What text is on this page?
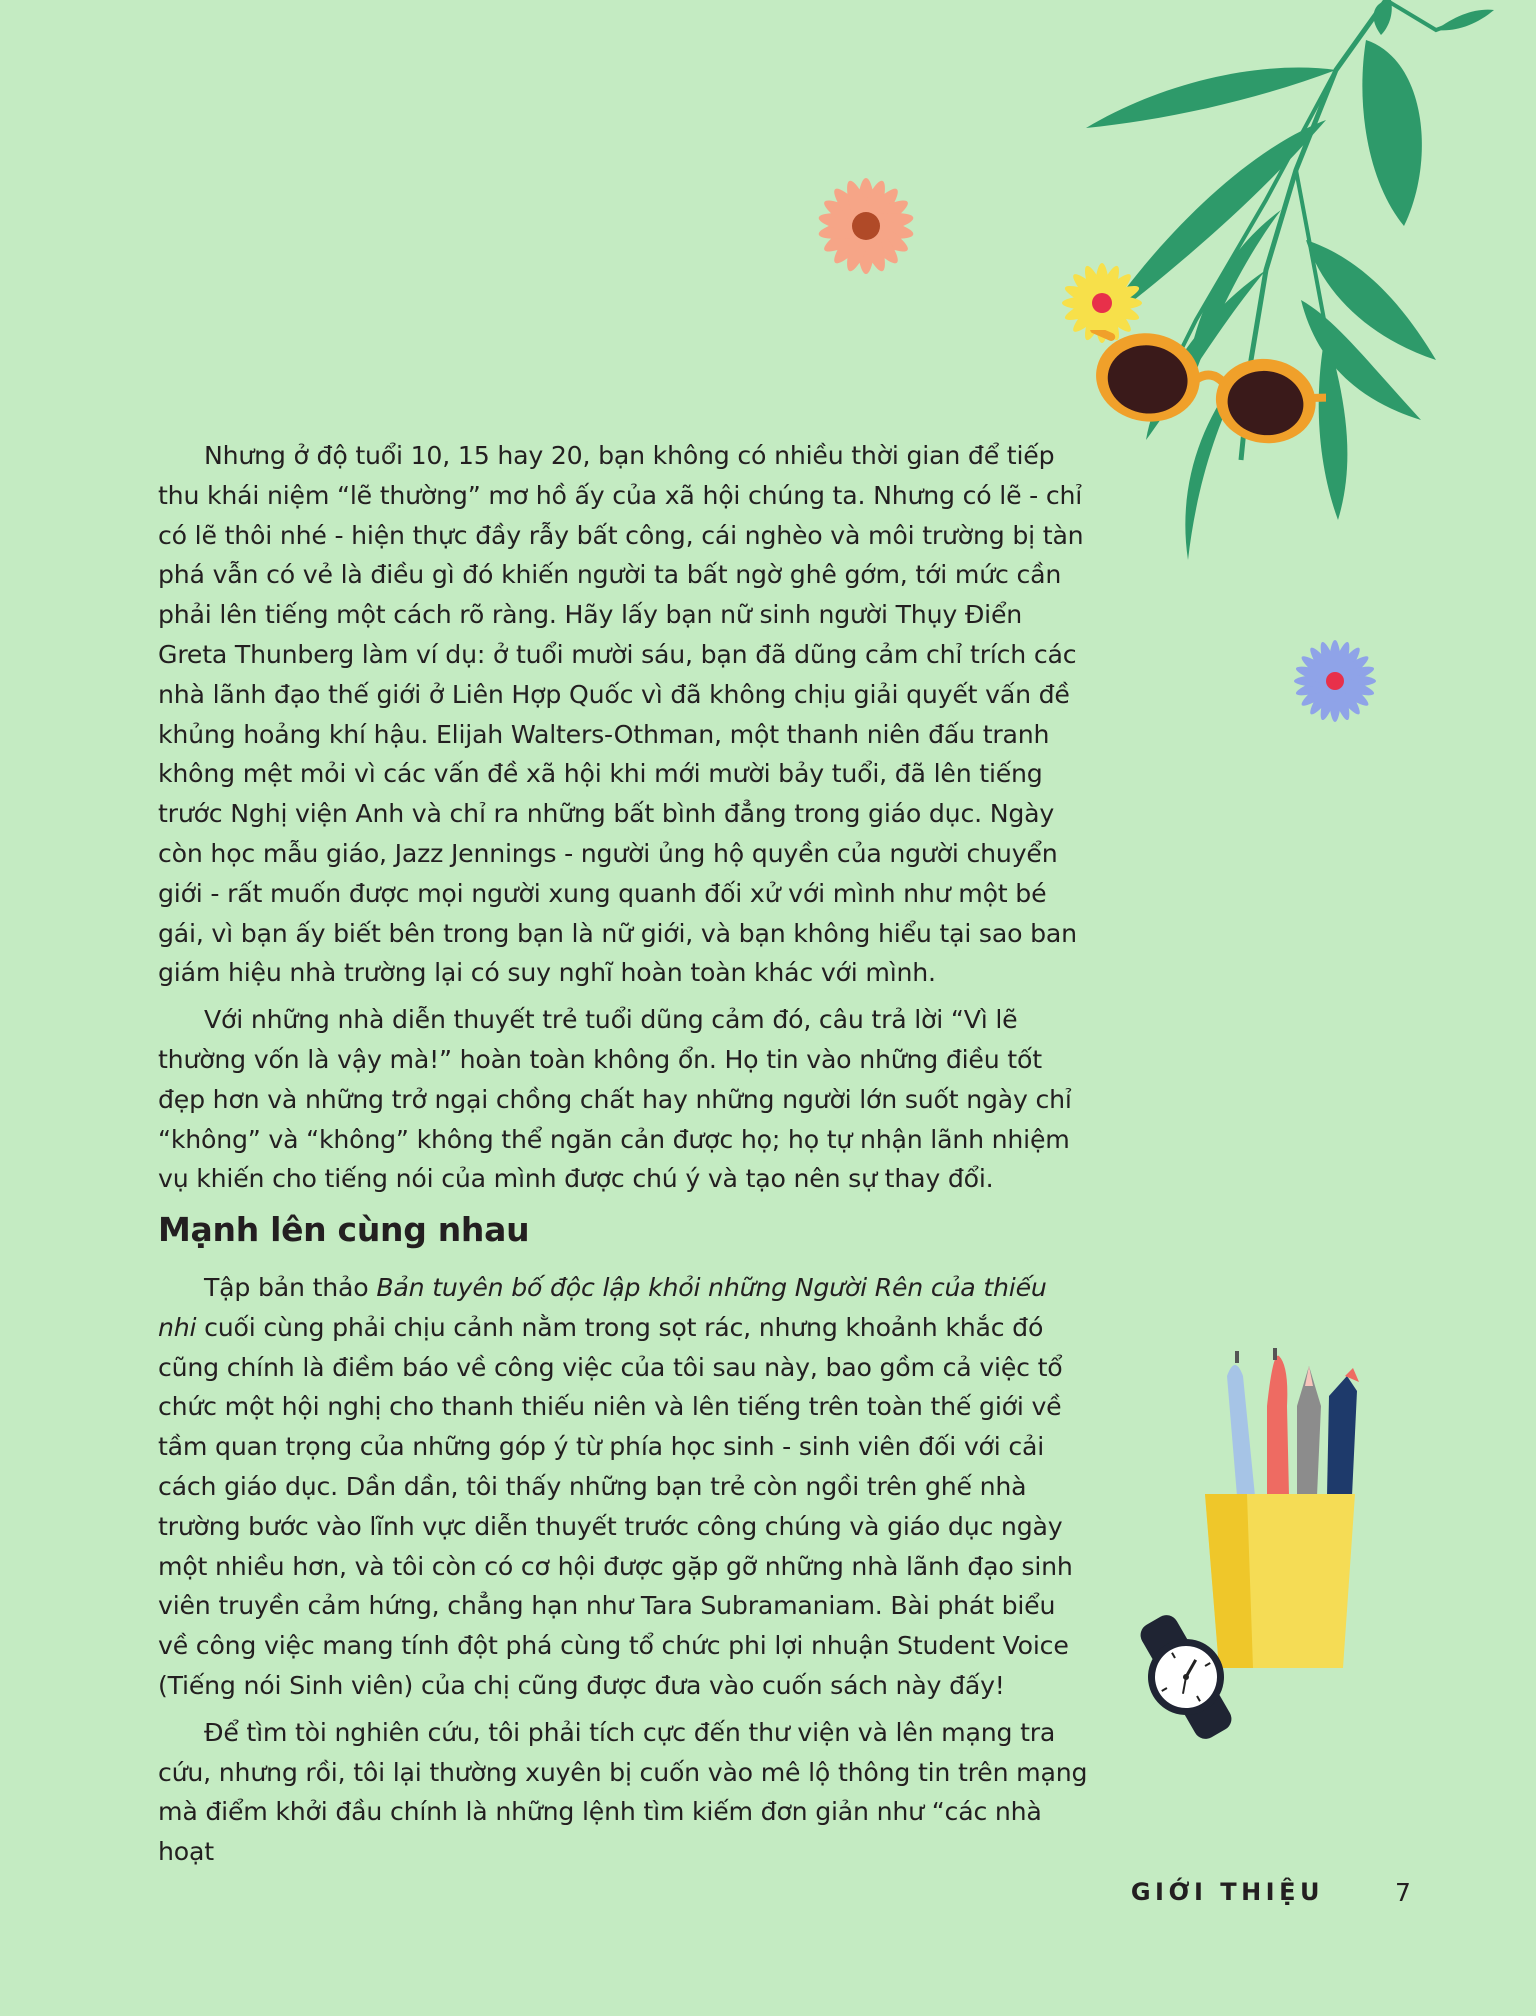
Nhưng ở độ tuổi 10, 15 hay 20, bạn không có nhiều thời gian để tiếp thu khái niệm “lẽ thường” mơ hồ ấy của xã hội chúng ta. Nhưng có lẽ - chỉ có lẽ thôi nhé - hiện thực đầy rẫy bất công, cái nghèo và môi trường bị tàn phá vẫn có vẻ là điều gì đó khiến người ta bất ngờ ghê gớm, tới mức cần phải lên tiếng một cách rõ ràng. Hãy lấy bạn nữ sinh người Thụy Điển Greta Thunberg làm ví dụ: ở tuổi mười sáu, bạn đã dũng cảm chỉ trích các nhà lãnh đạo thế giới ở Liên Hợp Quốc vì đã không chịu giải quyết vấn đề khủng hoảng khí hậu. Elijah Walters-Othman, một thanh niên đấu tranh không mệt mỏi vì các vấn đề xã hội khi mới mười bảy tuổi, đã lên tiếng trước Nghị viện Anh và chỉ ra những bất bình đẳng trong giáo dục. Ngày còn học mẫu giáo, Jazz Jennings - người ủng hộ quyền của người chuyển giới - rất muốn được mọi người xung quanh đối xử với mình như một bé gái, vì bạn ấy biết bên trong bạn là nữ giới, và bạn không hiểu tại sao ban giám hiệu nhà trường lại có suy nghĩ hoàn toàn khác với mình.

Với những nhà diễn thuyết trẻ tuổi dũng cảm đó, câu trả lời “Vì lẽ thường vốn là vậy mà!” hoàn toàn không ổn. Họ tin vào những điều tốt đẹp hơn và những trở ngại chồng chất hay những người lớn suốt ngày chỉ “không” và “không” không thể ngăn cản được họ; họ tự nhận lãnh nhiệm vụ khiến cho tiếng nói của mình được chú ý và tạo nên sự thay đổi.

Mạnh lên cùng nhau

Tập bản thảo Bản tuyên bố độc lập khỏi những Người Rên của thiếu nhi cuối cùng phải chịu cảnh nằm trong sọt rác, nhưng khoảnh khắc đó cũng chính là điềm báo về công việc của tôi sau này, bao gồm cả việc tổ chức một hội nghị cho thanh thiếu niên và lên tiếng trên toàn thế giới về tầm quan trọng của những góp ý từ phía học sinh - sinh viên đối với cải cách giáo dục. Dần dần, tôi thấy những bạn trẻ còn ngồi trên ghế nhà trường bước vào lĩnh vực diễn thuyết trước công chúng và giáo dục ngày một nhiều hơn, và tôi còn có cơ hội được gặp gỡ những nhà lãnh đạo sinh viên truyền cảm hứng, chẳng hạn như Tara Subramaniam. Bài phát biểu về công việc mang tính đột phá cùng tổ chức phi lợi nhuận Student Voice (Tiếng nói Sinh viên) của chị cũng được đưa vào cuốn sách này đấy!

Để tìm tòi nghiên cứu, tôi phải tích cực đến thư viện và lên mạng tra cứu, nhưng rồi, tôi lại thường xuyên bị cuốn vào mê lộ thông tin trên mạng mà điểm khởi đầu chính là những lệnh tìm kiếm đơn giản như “các nhà hoạt

GIỚI THIỆU	7
